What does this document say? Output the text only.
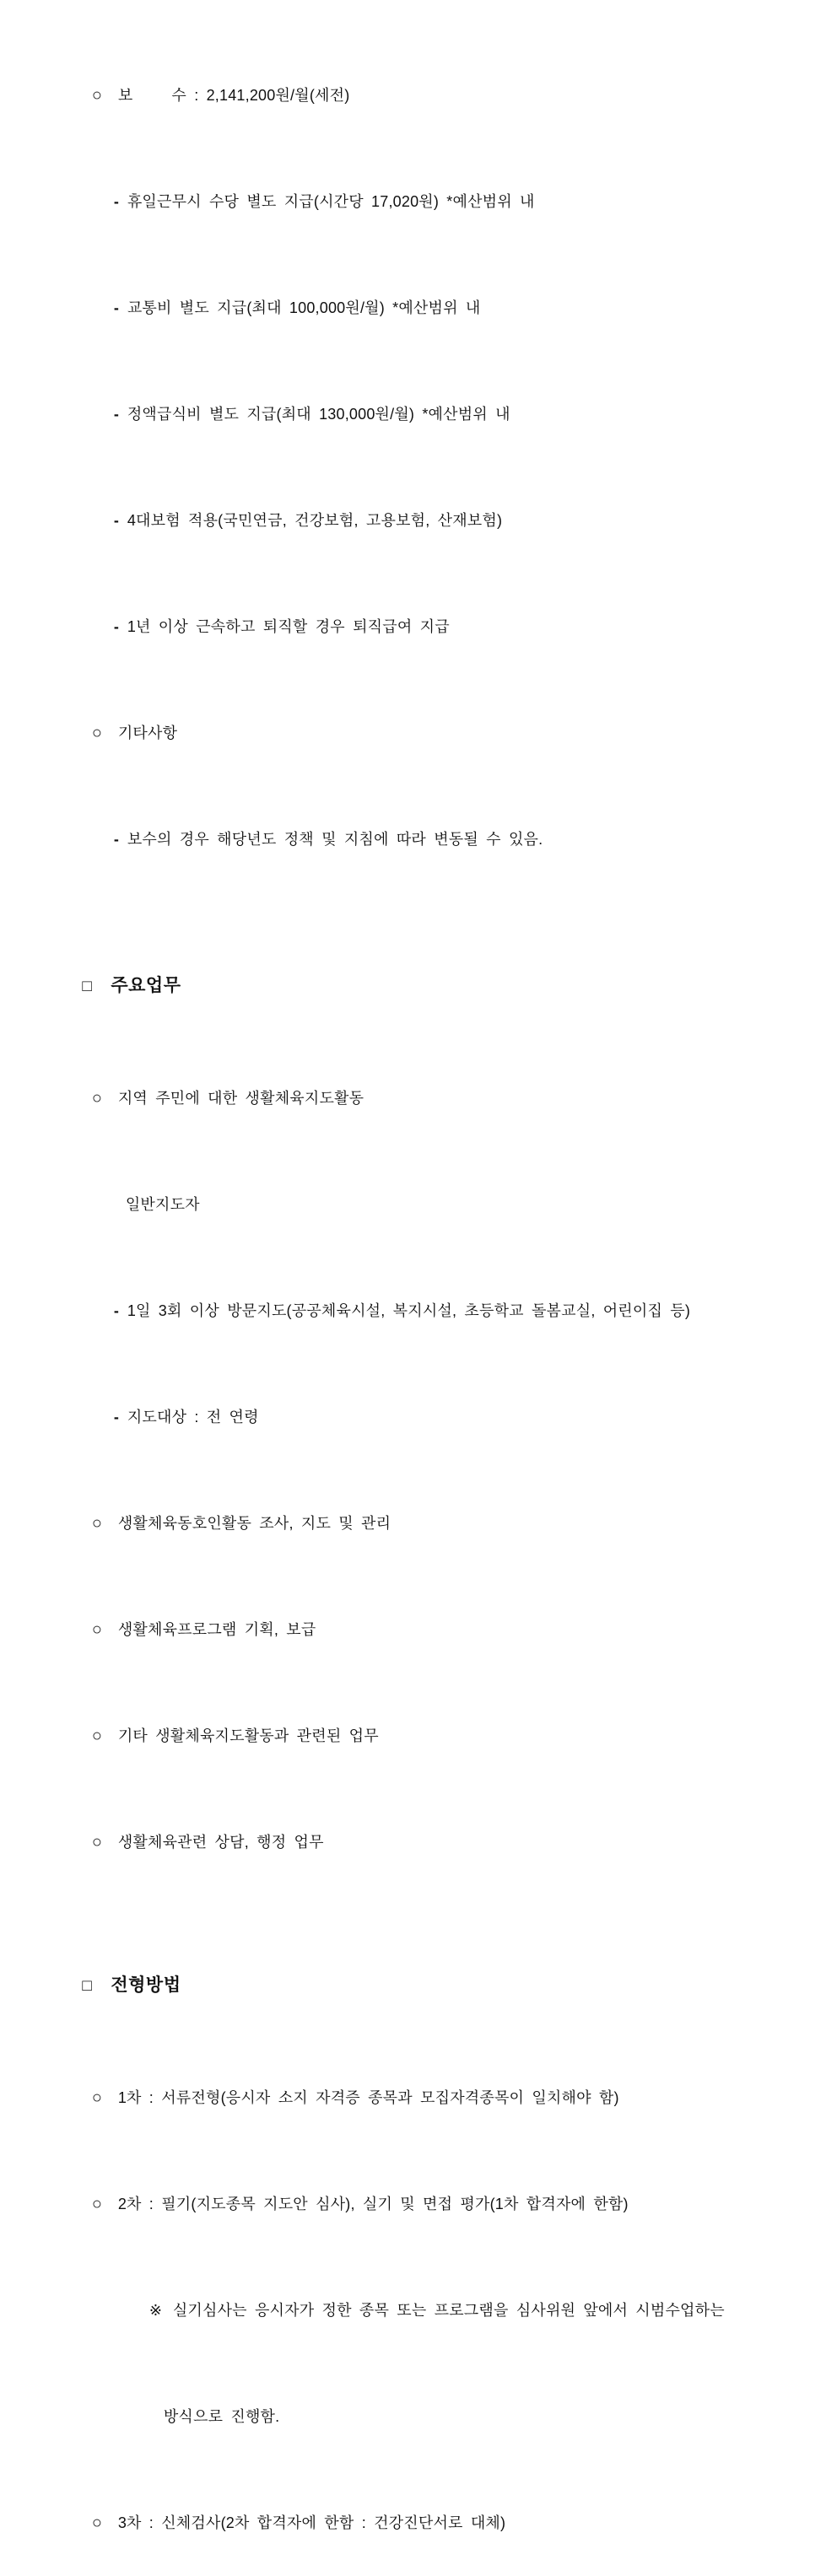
○ 보     수 : 2,141,200원/월(세전)

- 휴일근무시 수당 별도 지급(시간당 17,020원) *예산범위 내

- 교통비 별도 지급(최대 100,000원/월) *예산범위 내

- 정액급식비 별도 지급(최대 130,000원/월) *예산범위 내

- 4대보험 적용(국민연금, 건강보험, 고용보험, 산재보험)

- 1년 이상 근속하고 퇴직할 경우 퇴직급여 지급

○ 기타사항

- 보수의 경우 해당년도 정책 및 지침에 따라 변동될 수 있음.

□ 주요업무

○ 지역 주민에 대한 생활체육지도활동

일반지도자

- 1일 3회 이상 방문지도(공공체육시설, 복지시설, 초등학교 돌봄교실, 어린이집 등)

- 지도대상 : 전 연령

○ 생활체육동호인활동 조사, 지도 및 관리

○ 생활체육프로그램 기획, 보급

○ 기타 생활체육지도활동과 관련된 업무

○ 생활체육관련 상담, 행정 업무

□ 전형방법

○ 1차 : 서류전형(응시자 소지 자격증 종목과 모집자격종목이 일치해야 함)

○ 2차 : 필기(지도종목 지도안 심사), 실기 및 면접 평가(1차 합격자에 한함)

※ 실기심사는 응시자가 정한 종목 또는 프로그램을 심사위원 앞에서 시범수업하는

방식으로 진행함.

○ 3차 : 신체검사(2차 합격자에 한함 : 건강진단서로 대체)
